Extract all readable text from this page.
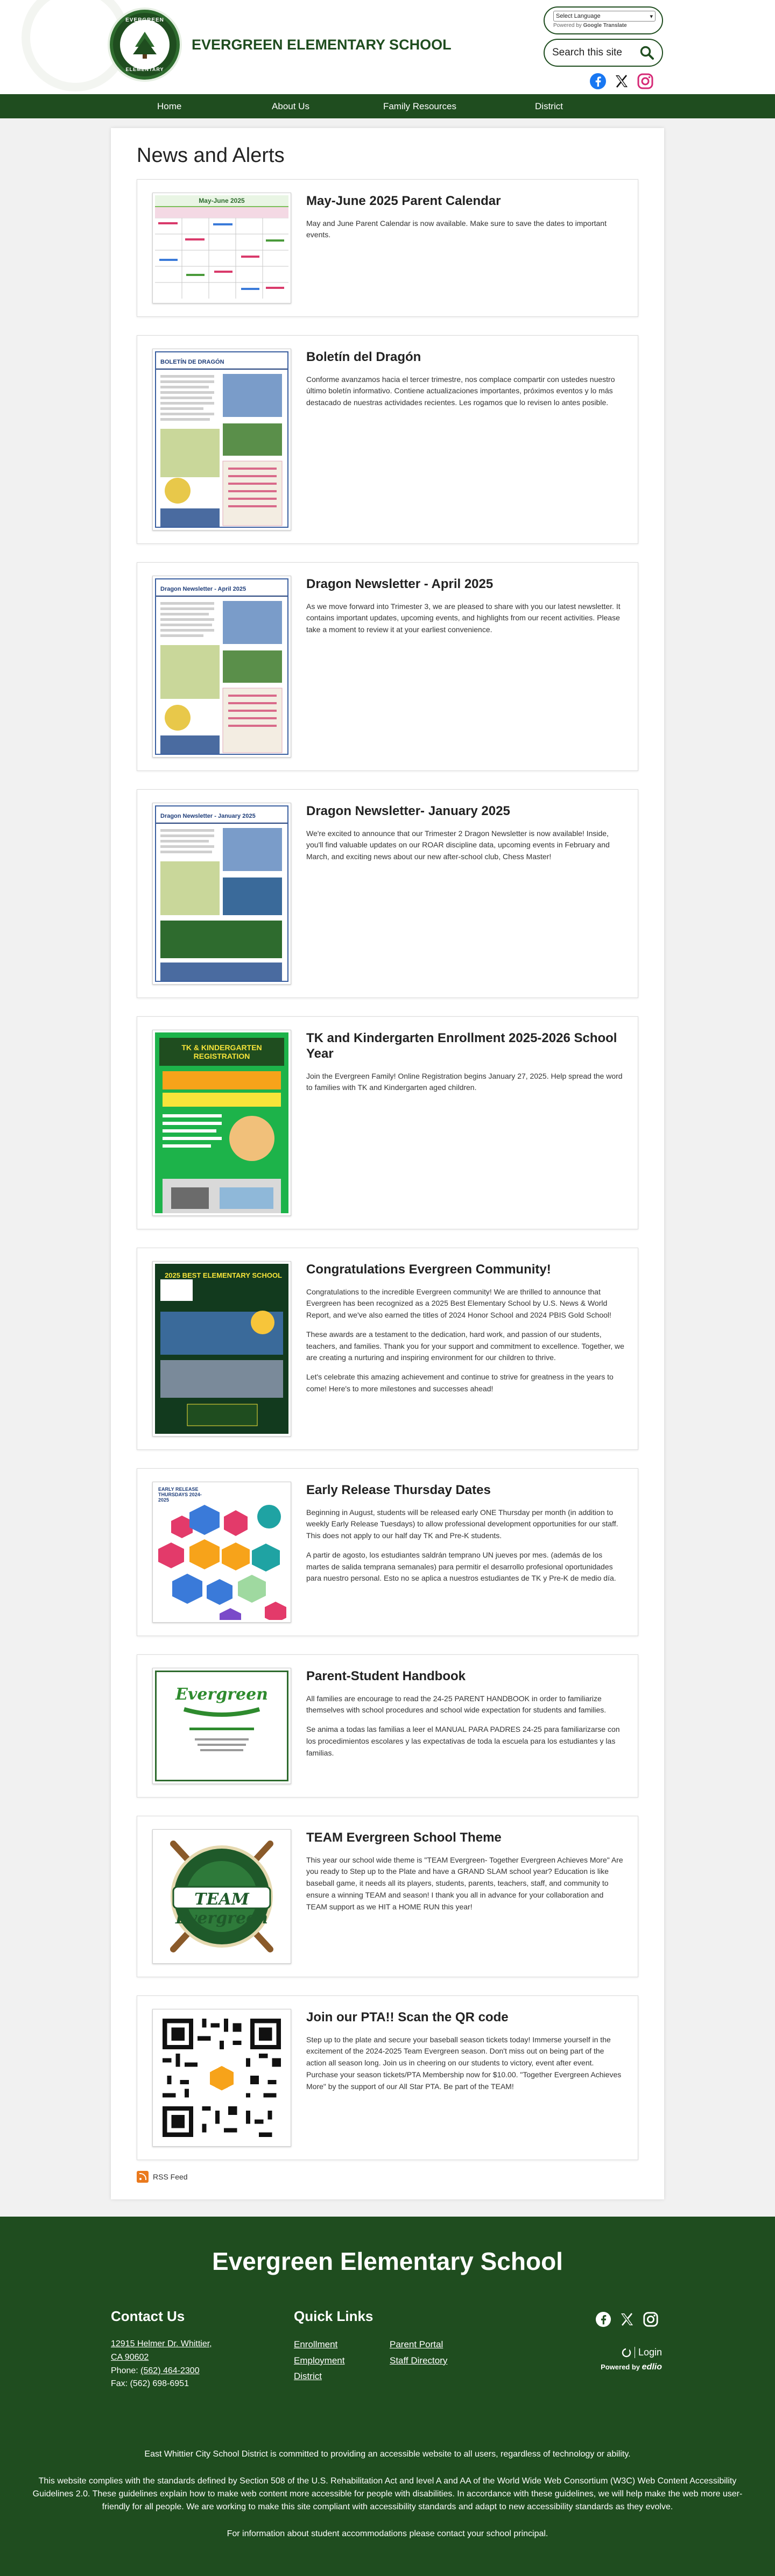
EVERGREEN
ELEMENTARY
EVERGREEN ELEMENTARY SCHOOL
Select Language	▾
Powered by Google Translate
Search this site
Home	About Us	Family Resources	District
News and Alerts
May-June 2025	May-June 2025 Parent Calendar

May and June Parent Calendar is now available. Make sure to save the dates to important events.

BOLETÍN DE DRAGÓN	Boletín del Dragón

Conforme avanzamos hacia el tercer trimestre, nos complace compartir con ustedes nuestro último boletín informativo. Contiene actualizaciones importantes, próximos eventos y lo más destacado de nuestras actividades recientes. Les rogamos que lo revisen lo antes posible.

Dragon Newsletter - April 2025	Dragon Newsletter - April 2025

As we move forward into Trimester 3, we are pleased to share with you our latest newsletter. It contains important updates, upcoming events, and highlights from our recent activities. Please take a moment to review it at your earliest convenience.

Dragon Newsletter - January 2025	Dragon Newsletter- January 2025

We're excited to announce that our Trimester 2 Dragon Newsletter is now available! Inside, you'll find valuable updates on our ROAR discipline data, upcoming events in February and March, and exciting news about our new after-school club, Chess Master!

TK & KINDERGARTEN REGISTRATION
TK and Kindergarten Enrollment 2025-2026 School Year

Join the Evergreen Family! Online Registration begins January 27, 2025. Help spread the word to families with TK and Kindergarten aged children.

2025 BEST ELEMENTARY SCHOOL	Congratulations Evergreen Community!

Congratulations to the incredible Evergreen community! We are thrilled to announce that Evergreen has been recognized as a 2025 Best Elementary School by U.S. News & World Report, and we've also earned the titles of 2024 Honor School and 2024 PBIS Gold School!

These awards are a testament to the dedication, hard work, and passion of our students, teachers, and families. Thank you for your support and commitment to excellence. Together, we are creating a nurturing and inspiring environment for our children to thrive.

Let's celebrate this amazing achievement and continue to strive for greatness in the years to come! Here's to more milestones and successes ahead!

EARLY RELEASE THURSDAYS 2024-2025
Early Release Thursday Dates

Beginning in August, students will be released early ONE Thursday per month (in addition to weekly Early Release Tuesdays) to allow professional development opportunities for our staff. This does not apply to our half day TK and Pre-K students.

A partir de agosto, los estudiantes saldrán temprano UN jueves por mes. (además de los martes de salida temprana semanales) para permitir el desarrollo profesional oportunidades para nuestro personal. Esto no se aplica a nuestros estudiantes de TK y Pre-K de medio día.

Evergreen
Parent-Student Handbook

All families are encourage to read the 24-25 PARENT HANDBOOK in order to familiarize themselves with school procedures and school wide expectation for students and families.

Se anima a todas las familias a leer el MANUAL PARA PADRES 24-25 para familiarizarse con los procedimientos escolares y las expectativas de toda la escuela para los estudiantes y las familias.

TEAM Evergreen
TEAM Evergreen School Theme

This year our school wide theme is "TEAM Evergreen- Together Evergreen Achieves More" Are you ready to Step up to the Plate and have a GRAND SLAM school year? Education is like baseball game, it needs all its players, students, parents, teachers, staff, and community to ensure a winning TEAM and season! I thank you all in advance for your collaboration and TEAM support as we HIT a HOME RUN this year!

Join our PTA!! Scan the QR code

Step up to the plate and secure your baseball season tickets today! Immerse yourself in the excitement of the 2024-2025 Team Evergreen season. Don't miss out on being part of the action all season long. Join us in cheering on our students to victory, event after event. Purchase your season tickets/PTA Membership now for $10.00. "Together Evergreen Achieves More" by the support of our All Star PTA. Be part of the TEAM!

RSS Feed
Evergreen Elementary School
Contact Us

12915 Helmer Dr. Whittier,

CA 90602

Phone: (562) 464-2300

Fax: (562) 698-6951

Quick Links
Enrollment	Parent Portal
Employment	Staff Directory
District
Login
Powered by edlio

East Whittier City School District is committed to providing an accessible website to all users, regardless of technology or ability.

This website complies with the standards defined by Section 508 of the U.S. Rehabilitation Act and level A and AA of the World Wide Web Consortium (W3C) Web Content Accessibility Guidelines 2.0. These guidelines explain how to make web content more accessible for people with disabilities. In accordance with these guidelines, we will help make the web more user-friendly for all people. We are working to make this site compliant with accessibility standards and adapt to new accessibility standards as they evolve.

For information about student accommodations please contact your school principal.
